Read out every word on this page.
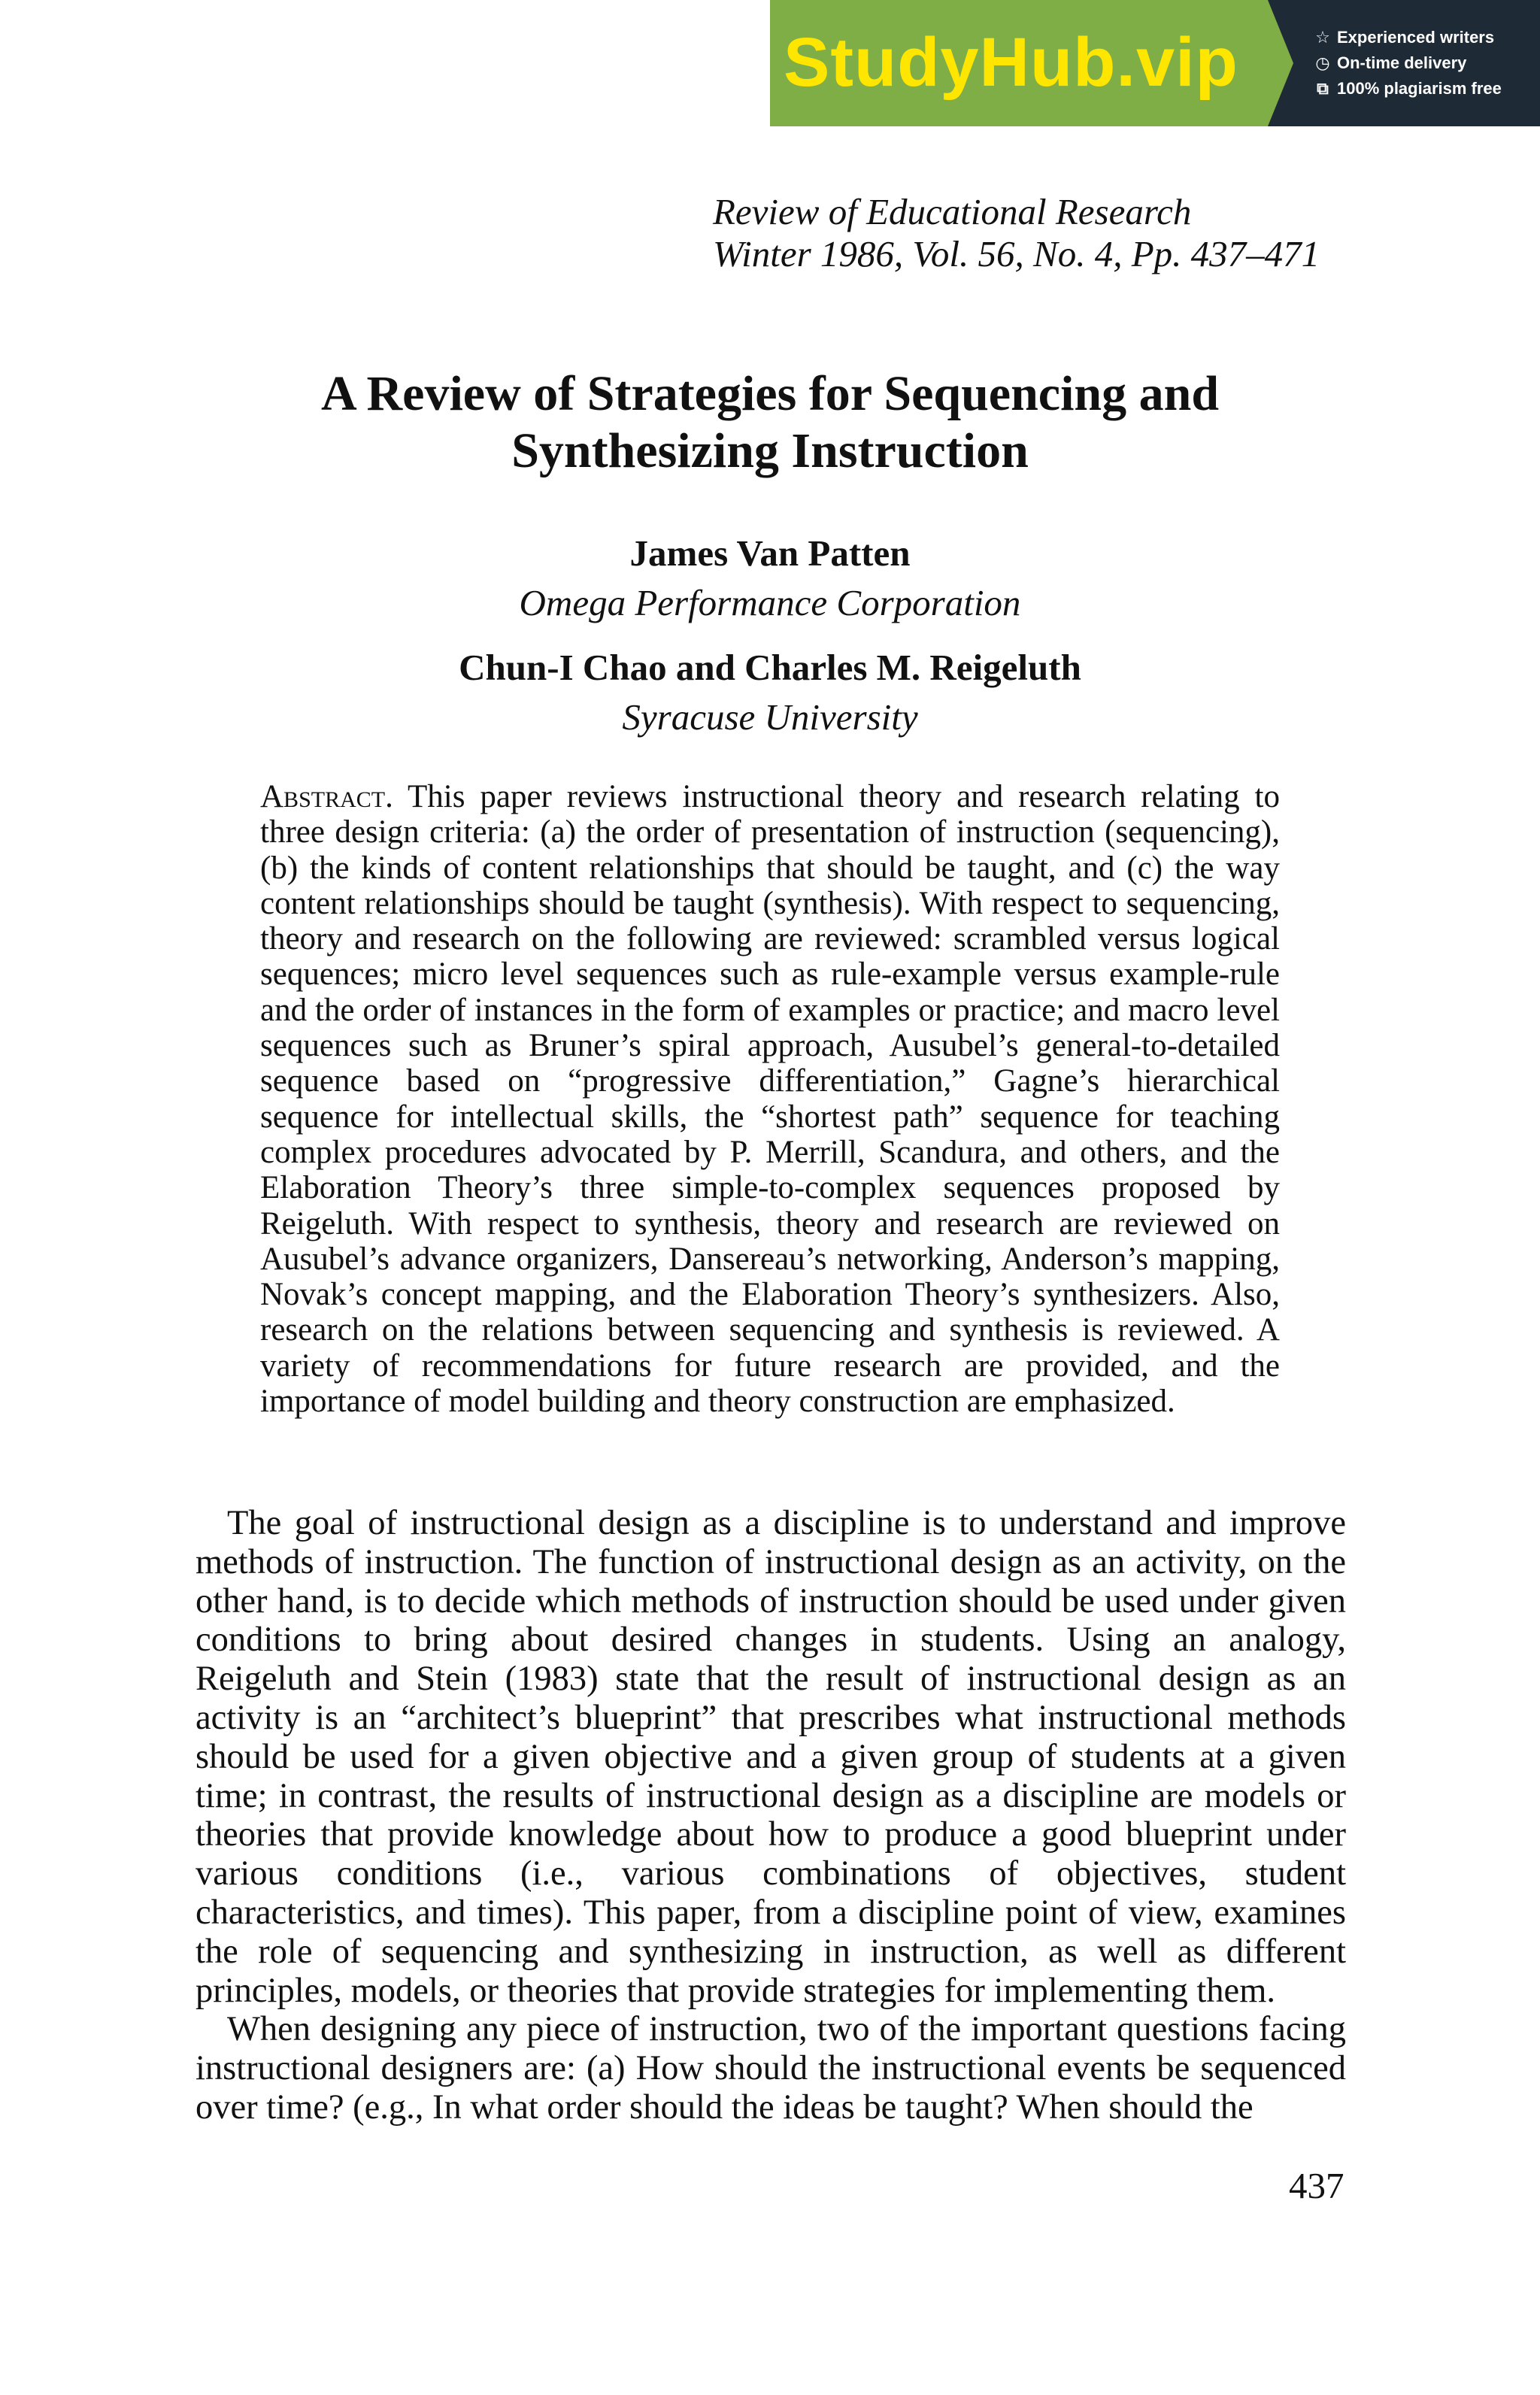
StudyHub.vip	☆ Experienced writers
◷ On-time delivery
⧉ 100% plagiarism free
Review of Educational Research
Winter 1986, Vol. 56, No. 4, Pp. 437–471
A Review of Strategies for Sequencing and
Synthesizing Instruction
James Van Patten
Omega Performance Corporation
Chun-I Chao and Charles M. Reigeluth
Syracuse University
Abstract. This paper reviews instructional theory and research relating to three design criteria: (a) the order of presentation of instruction (sequencing), (b) the kinds of content relationships that should be taught, and (c) the way content relationships should be taught (synthesis). With respect to sequencing, theory and research on the following are reviewed: scrambled versus logical sequences; micro level sequences such as rule-example versus example-rule and the order of instances in the form of examples or practice; and macro level sequences such as Bruner’s spiral approach, Ausubel’s general-to-detailed sequence based on “progressive differentiation,” Gagne’s hierarchical sequence for intellectual skills, the “shortest path” sequence for teaching complex procedures advocated by P. Merrill, Scandura, and others, and the Elaboration Theory’s three simple-to-complex sequences proposed by Reigeluth. With respect to synthesis, theory and research are reviewed on Ausubel’s advance organizers, Dansereau’s networking, Anderson’s mapping, Novak’s concept mapping, and the Elaboration Theory’s synthesizers. Also, research on the relations between sequencing and synthesis is reviewed. A variety of recommendations for future research are provided, and the importance of model building and theory construction are emphasized.

The goal of instructional design as a discipline is to understand and improve methods of instruction. The function of instructional design as an activity, on the other hand, is to decide which methods of instruction should be used under given conditions to bring about desired changes in students. Using an analogy, Reigeluth and Stein (1983) state that the result of instructional design as an activity is an “architect’s blueprint” that prescribes what instructional methods should be used for a given objective and a given group of students at a given time; in contrast, the results of instructional design as a discipline are models or theories that provide knowledge about how to produce a good blueprint under various conditions (i.e., various combinations of objectives, student characteristics, and times). This paper, from a discipline point of view, examines the role of sequencing and synthesizing in instruction, as well as different principles, models, or theories that provide strategies for implementing them.

When designing any piece of instruction, two of the important questions facing instructional designers are: (a) How should the instructional events be sequenced over time? (e.g., In what order should the ideas be taught? When should the

437
